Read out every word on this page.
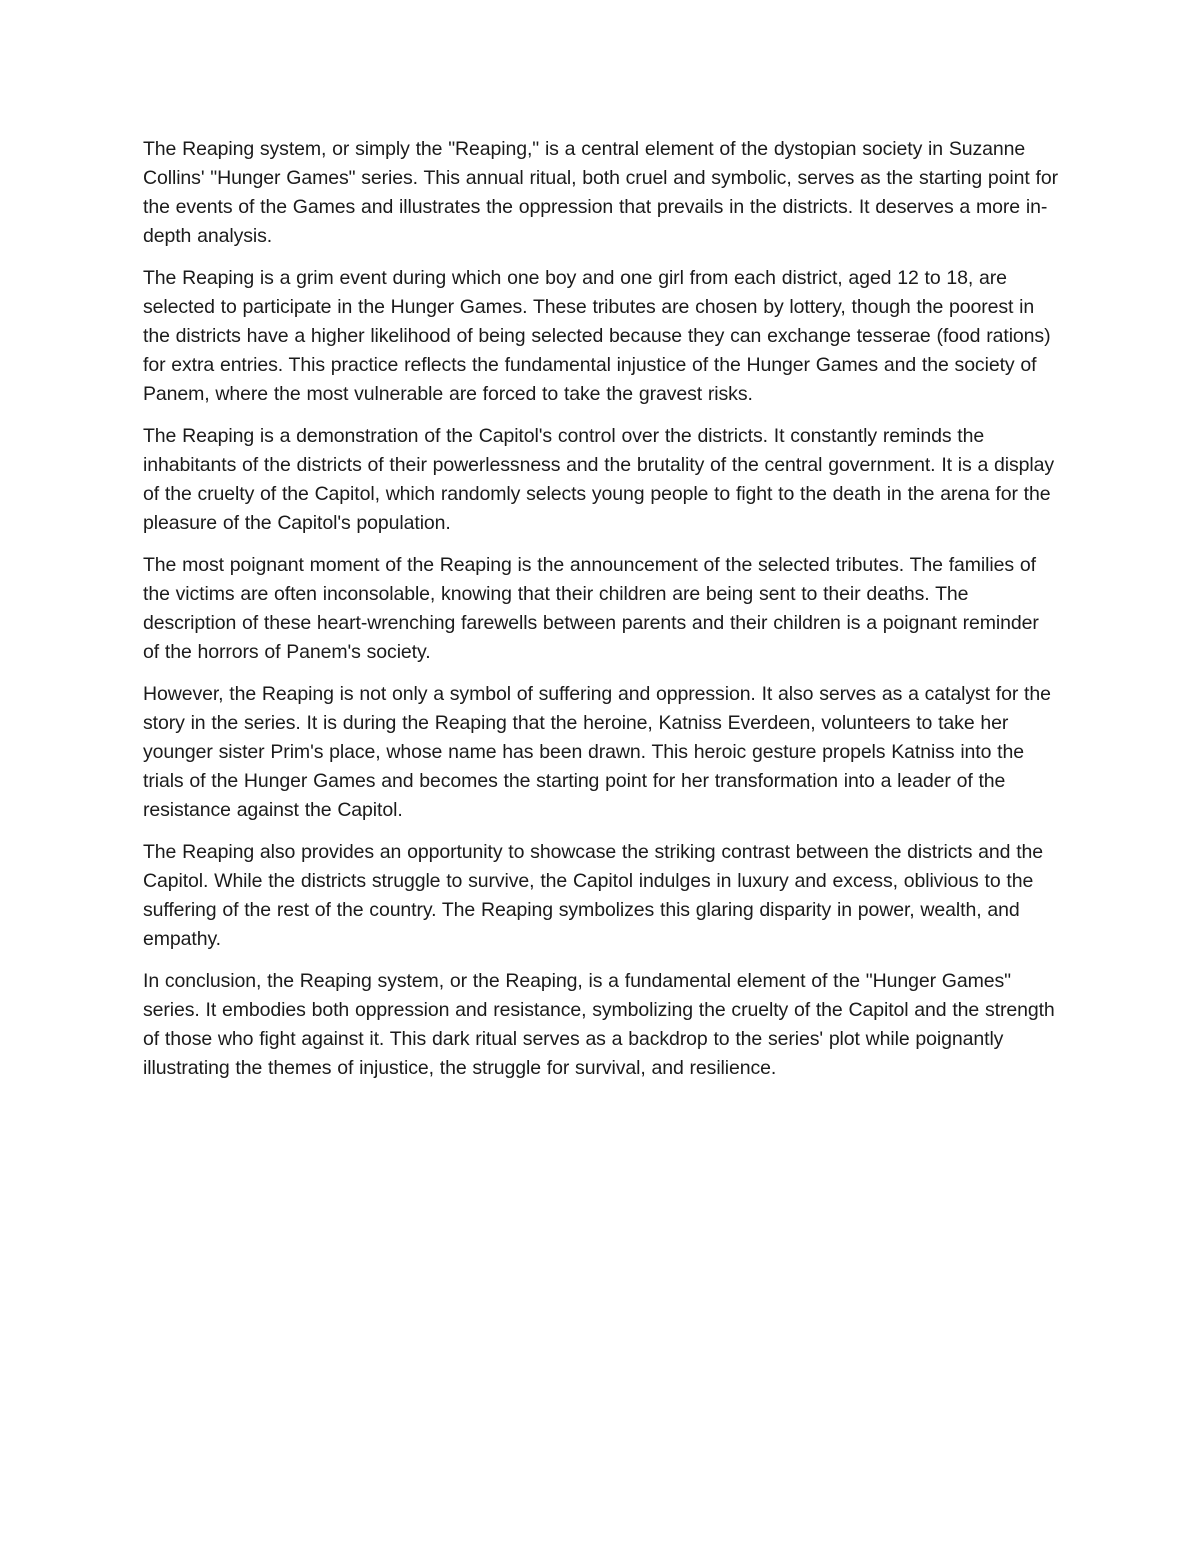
The Reaping system, or simply the "Reaping," is a central element of the dystopian society in Suzanne Collins' "Hunger Games" series. This annual ritual, both cruel and symbolic, serves as the starting point for the events of the Games and illustrates the oppression that prevails in the districts. It deserves a more in-depth analysis.

The Reaping is a grim event during which one boy and one girl from each district, aged 12 to 18, are selected to participate in the Hunger Games. These tributes are chosen by lottery, though the poorest in the districts have a higher likelihood of being selected because they can exchange tesserae (food rations) for extra entries. This practice reflects the fundamental injustice of the Hunger Games and the society of Panem, where the most vulnerable are forced to take the gravest risks.

The Reaping is a demonstration of the Capitol's control over the districts. It constantly reminds the inhabitants of the districts of their powerlessness and the brutality of the central government. It is a display of the cruelty of the Capitol, which randomly selects young people to fight to the death in the arena for the pleasure of the Capitol's population.

The most poignant moment of the Reaping is the announcement of the selected tributes. The families of the victims are often inconsolable, knowing that their children are being sent to their deaths. The description of these heart-wrenching farewells between parents and their children is a poignant reminder of the horrors of Panem's society.

However, the Reaping is not only a symbol of suffering and oppression. It also serves as a catalyst for the story in the series. It is during the Reaping that the heroine, Katniss Everdeen, volunteers to take her younger sister Prim's place, whose name has been drawn. This heroic gesture propels Katniss into the trials of the Hunger Games and becomes the starting point for her transformation into a leader of the resistance against the Capitol.

The Reaping also provides an opportunity to showcase the striking contrast between the districts and the Capitol. While the districts struggle to survive, the Capitol indulges in luxury and excess, oblivious to the suffering of the rest of the country. The Reaping symbolizes this glaring disparity in power, wealth, and empathy.

In conclusion, the Reaping system, or the Reaping, is a fundamental element of the "Hunger Games" series. It embodies both oppression and resistance, symbolizing the cruelty of the Capitol and the strength of those who fight against it. This dark ritual serves as a backdrop to the series' plot while poignantly illustrating the themes of injustice, the struggle for survival, and resilience.
